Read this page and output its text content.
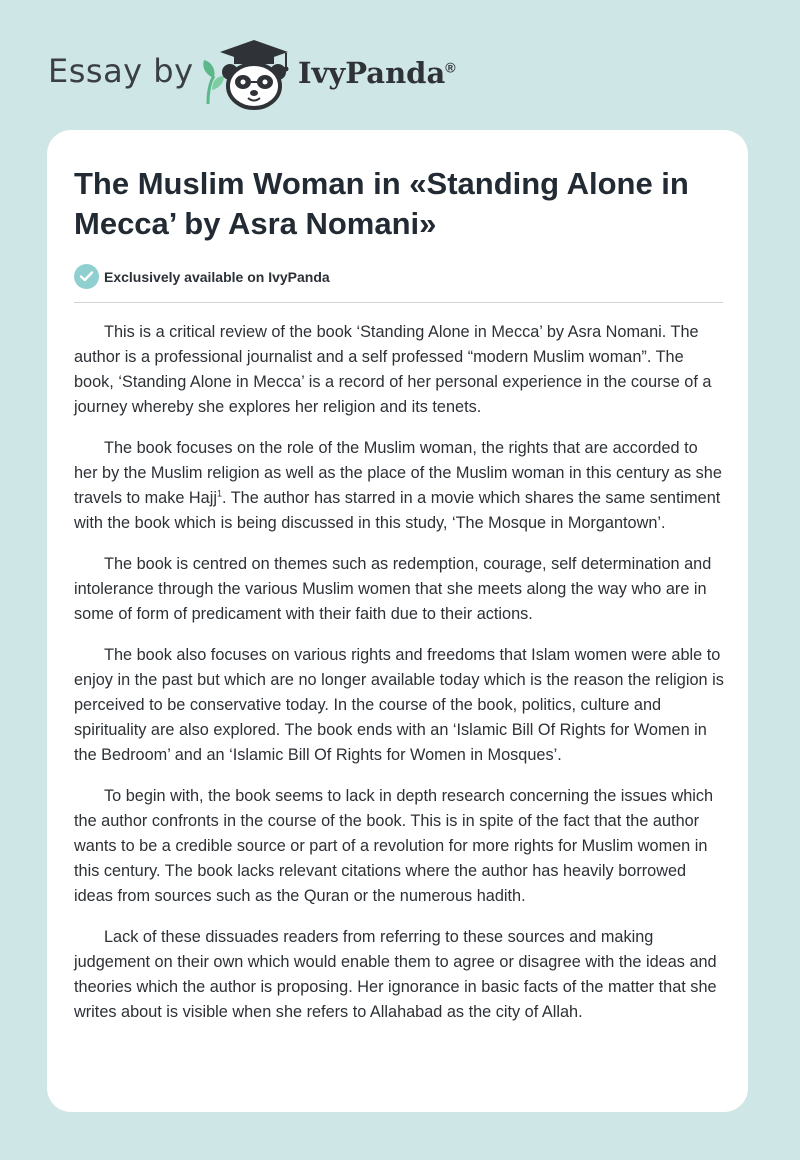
Essay by	IvyPanda®
The Muslim Woman in «Standing Alone in Mecca’ by Asra Nomani»
Exclusively available on IvyPanda

This is a critical review of the book ‘Standing Alone in Mecca’ by Asra Nomani. The author is a professional journalist and a self professed “modern Muslim woman”. The book, ‘Standing Alone in Mecca’ is a record of her personal experience in the course of a journey whereby she explores her religion and its tenets.

The book focuses on the role of the Muslim woman, the rights that are accorded to her by the Muslim religion as well as the place of the Muslim woman in this century as she travels to make Hajj$^1$. The author has starred in a movie which shares the same sentiment with the book which is being discussed in this study, ‘The Mosque in Morgantown’.

The book is centred on themes such as redemption, courage, self determination and intolerance through the various Muslim women that she meets along the way who are in some of form of predicament with their faith due to their actions.

The book also focuses on various rights and freedoms that Islam women were able to enjoy in the past but which are no longer available today which is the reason the religion is perceived to be conservative today. In the course of the book, politics, culture and spirituality are also explored. The book ends with an ‘Islamic Bill Of Rights for Women in the Bedroom’ and an ‘Islamic Bill Of Rights for Women in Mosques’.

To begin with, the book seems to lack in depth research concerning the issues which the author confronts in the course of the book. This is in spite of the fact that the author wants to be a credible source or part of a revolution for more rights for Muslim women in this century. The book lacks relevant citations where the author has heavily borrowed ideas from sources such as the Quran or the numerous hadith.

Lack of these dissuades readers from referring to these sources and making judgement on their own which would enable them to agree or disagree with the ideas and theories which the author is proposing. Her ignorance in basic facts of the matter that she writes about is visible when she refers to Allahabad as the city of Allah.
